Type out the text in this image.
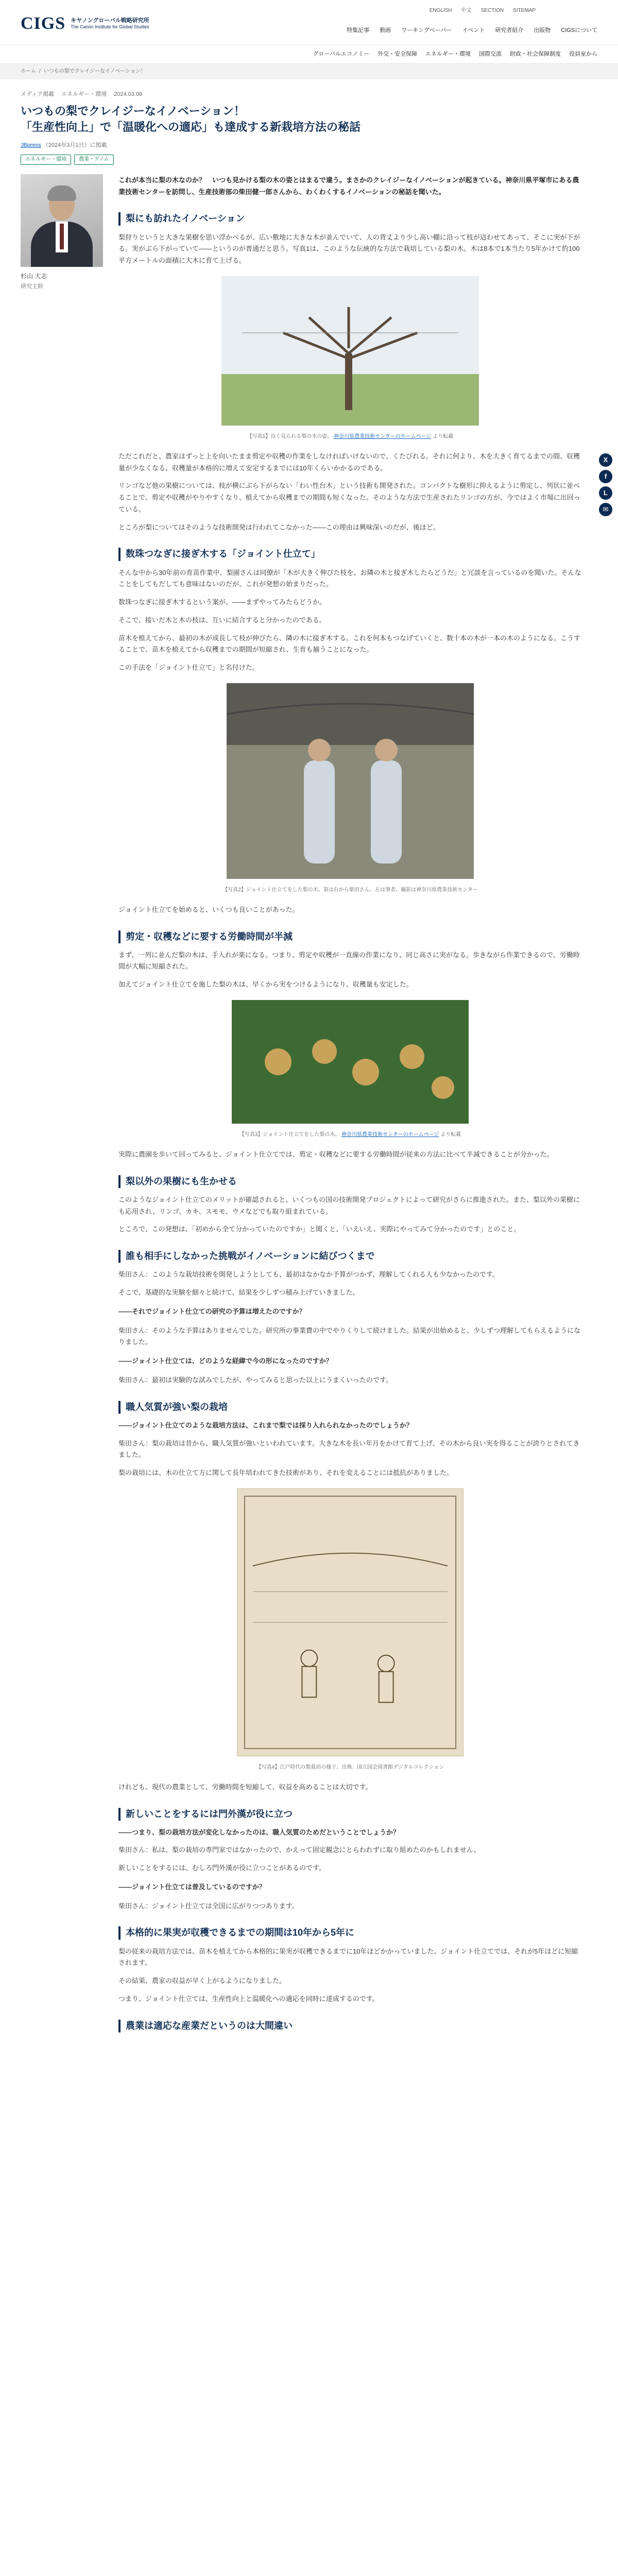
CIGS キヤノングローバル戦略研究所
The Canon Institute for Global Studies
ENGLISH 中文 SECTION SITEMAP
特集記事 動画 ワーキングペーパー イベント 研究者紹介 出版物 CIGSについて
グローバルエコノミー 外交・安全保障 エネルギー・環境 国際交流 財政・社会保障制度 役員室から
ホーム / いつもの梨でクレイジーなイノベーション！
メディア掲載 エネルギー・環境 2024.03.08
いつもの梨でクレイジーなイノベーション！
「生産性向上」で「温暖化への適応」も達成する新栽培方法の秘話
JBpress （2024年3月1日）に掲載
エネルギー・環境	農業・ゲノム
杉山 大志
研究主幹

これが本当に梨の木なのか？　いつも見かける梨の木の姿とはまるで違う。まさかのクレイジーなイノベーションが起きている。神奈川県平塚市にある農業技術センターを訪問し、生産技術部の柴田健一郎さんから、わくわくするイノベーションの秘話を聞いた。

梨にも訪れたイノベーション

梨狩りというと大きな果樹を思い浮かべるが、広い敷地に大きな木が並んでいて、人の背丈より少し高い棚に沿って枝が這わせてあって、そこに実が下がる。実がぶら下がっていて――というのが普通だと思う。写真1は、このような伝統的な方法で栽培している梨の木。木は8本で1本当たり5年かけて約100平方メートルの面積に大木に育て上げる。

【写真1】良く見られる梨の木の姿。 神奈川県農業技術センターのホームページ より転載

ただこれだと、農家はずっと上を向いたまま剪定や収穫の作業をしなければいけないので、くたびれる。それに何より、木を大きく育てるまでの間、収穫量が少なくなる。収穫量が本格的に増えて安定するまでには10年くらいかかるのである。

リンゴなど他の果樹については、枝が横にぶら下がらない「わい性台木」という技術も開発された。コンパクトな樹形に抑えるように剪定し、列状に並べることで、剪定や収穫がやりやすくなり、植えてから収穫までの期間も短くなった。そのような方法で生産されたリンゴの方が、今ではよく市場に出回っている。

ところが梨についてはそのような技術開発は行われてこなかった――この理由は興味深いのだが、後ほど。

数珠つなぎに接ぎ木する「ジョイント仕立て」

そんな中から30年前の育苗作業中、梨園さんは同僚が「木が大きく伸びた枝を、お隣の木と接ぎ木したらどうだ」と冗談を言っているのを聞いた。そんなことをしてもだしても意味はないのだが、これが発想の始まりだった。

数珠つなぎに接ぎ木するという案が、――まずやってみたらどうか。

そこで、接いだ木と木の枝は、互いに結合すると分かったのである。

苗木を植えてから、最初の木が成長して枝が伸びたら、隣の木に接ぎ木する。これを何本もつなげていくと、数十本の木が一本の木のようになる。こうすることで、苗木を植えてから収穫までの期間が短縮され、生育も揃うことになった。

この手法を「ジョイント仕立て」と名付けた。

【写真2】ジョイント仕立てをした梨の木。第は右から柴田さん、左は筆者。撮影は神奈川県農業技術センター

ジョイント仕立てを始めると、いくつも良いことがあった。

剪定・収穫などに要する労働時間が半減

まず、一列に並んだ梨の木は、手入れが楽になる。つまり、剪定や収穫が一直線の作業になり、同じ高さに実がなる。歩きながら作業できるので、労働時間が大幅に短縮された。

加えてジョイント仕立てを施した梨の木は、早くから実をつけるようになり、収穫量も安定した。

【写真3】ジョイント仕立てをした梨の木。 神奈川県農業技術センターのホームページ より転載

実際に農園を歩いて回ってみると、ジョイント仕立てでは、剪定・収穫などに要する労働時間が従来の方法に比べて半減できることが分かった。

梨以外の果樹にも生かせる

このようなジョイント仕立てのメリットが確認されると、いくつもの国の技術開発プロジェクトによって研究がさらに推進された。また、梨以外の果樹にも応用され、リンゴ、カキ、スモモ、ウメなどでも取り組まれている。

ところで、この発想は、「初めから全て分かっていたのですか」と聞くと、「いえいえ、実際にやってみて分かったのです」とのこと。

誰も相手にしなかった挑戦がイノベーションに結びつくまで

柴田さん：このような栽培技術を開発しようとしても、最初はなかなか予算がつかず、理解してくれる人も少なかったのです。

そこで、基礎的な実験を細々と続けて、結果を少しずつ積み上げていきました。

――それでジョイント仕立ての研究の予算は増えたのですか？

柴田さん：そのような予算はありませんでした。研究所の事業費の中でやりくりして続けました。結果が出始めると、少しずつ理解してもらえるようになりました。

――ジョイント仕立ては、どのような経緯で今の形になったのですか？

柴田さん：最初は実験的な試みでしたが、やってみると思った以上にうまくいったのです。

職人気質が強い梨の栽培

――ジョイント仕立てのような栽培方法は、これまで梨では採り入れられなかったのでしょうか？

柴田さん：梨の栽培は昔から、職人気質が強いといわれています。大きな木を長い年月をかけて育て上げ、その木から良い実を得ることが誇りとされてきました。

梨の栽培には、木の仕立て方に関して長年培われてきた技術があり、それを変えることには抵抗がありました。

【写真4】江戸時代の梨栽培の様子。出典：国立国会図書館デジタルコレクション

けれども、現代の農業として、労働時間を短縮して、収益を高めることは大切です。

新しいことをするには門外漢が役に立つ

――つまり、梨の栽培方法が変化しなかったのは、職人気質のためだということでしょうか？

柴田さん：私は、梨の栽培の専門家ではなかったので、かえって固定観念にとらわれずに取り組めたのかもしれません。

新しいことをするには、むしろ門外漢が役に立つことがあるのです。

――ジョイント仕立ては普及しているのですか？

柴田さん：ジョイント仕立ては全国に広がりつつあります。

本格的に果実が収穫できるまでの期間は10年から5年に

梨の従来の栽培方法では、苗木を植えてから本格的に果実が収穫できるまでに10年ほどかかっていました。ジョイント仕立てでは、それが5年ほどに短縮されます。

その結果、農家の収益が早く上がるようになりました。

つまり、ジョイント仕立ては、生産性向上と温暖化への適応を同時に達成するのです。

農業は適応な産業だというのは大間違い
X
f
L
✉
